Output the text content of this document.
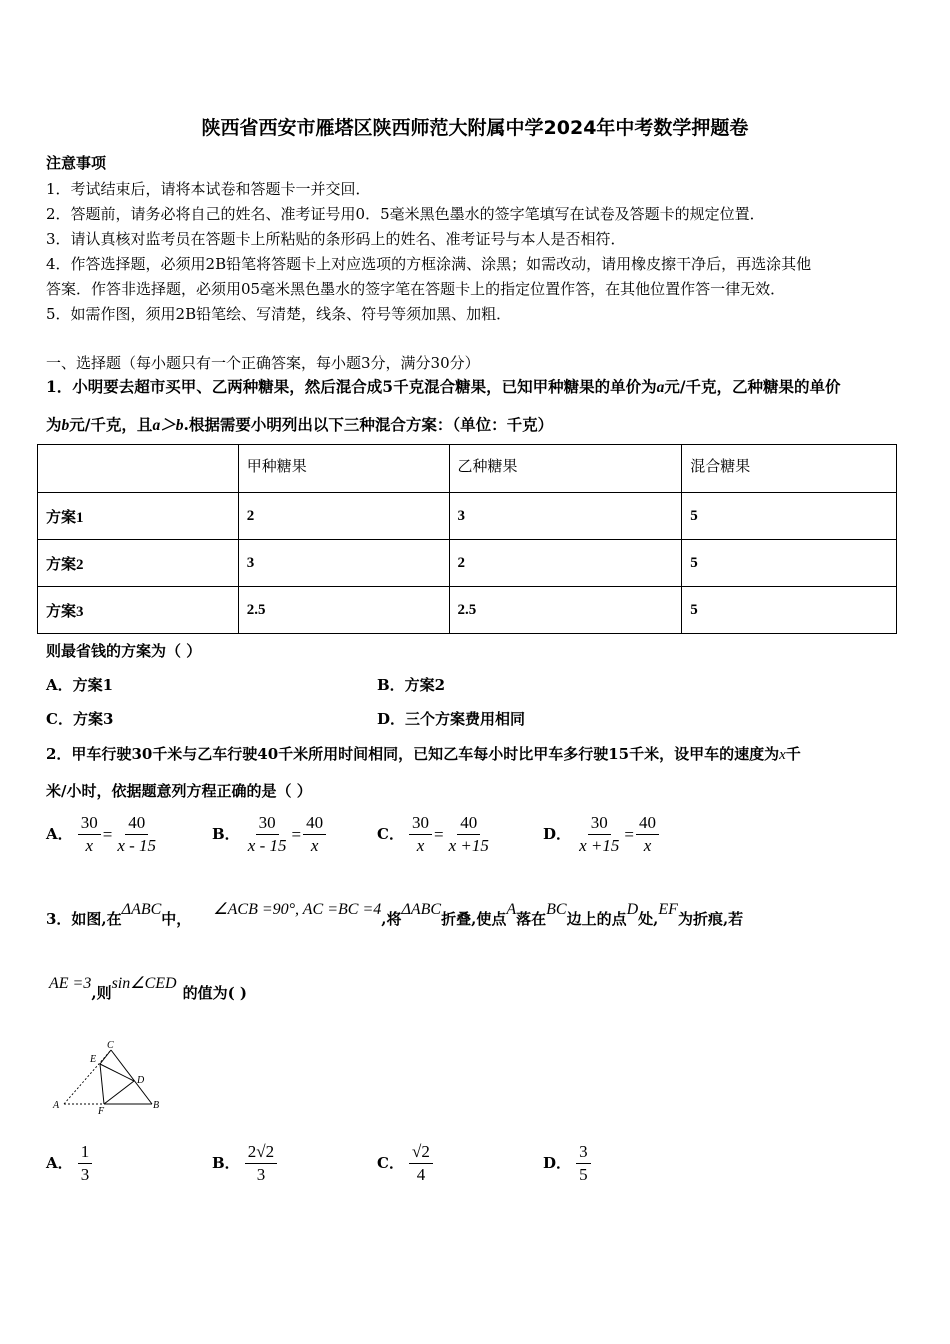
陕西省西安市雁塔区陕西师范大附属中学2024年中考数学押题卷
注意事项
1．考试结束后，请将本试卷和答题卡一并交回．
2．答题前，请务必将自己的姓名、准考证号用0．5毫米黑色墨水的签字笔填写在试卷及答题卡的规定位置．
3．请认真核对监考员在答题卡上所粘贴的条形码上的姓名、准考证号与本人是否相符．
4．作答选择题，必须用2B铅笔将答题卡上对应选项的方框涂满、涂黑；如需改动，请用橡皮擦干净后，再选涂其他
答案．作答非选择题，必须用05毫米黑色墨水的签字笔在答题卡上的指定位置作答，在其他位置作答一律无效．
5．如需作图，须用2B铅笔绘、写清楚，线条、符号等须加黑、加粗．
一、选择题（每小题只有一个正确答案，每小题3分，满分30分）
1．小明要去超市买甲、乙两种糖果，然后混合成5千克混合糖果，已知甲种糖果的单价为a元/千克，乙种糖果的单价
为b元/千克，且a＞b.根据需要小明列出以下三种混合方案：（单位：千克）
	甲种糖果	乙种糖果	混合糖果
方案1	2	3	5
方案2	3	2	5
方案3	2.5	2.5	5
则最省钱的方案为（ ）
A．方案1	B．方案2
C．方案3	D．三个方案费用相同
2．甲车行驶30千米与乙车行驶40千米所用时间相同，已知乙车每小时比甲车多行驶15千米，设甲车的速度为x千
米/小时，依据题意列方程正确的是（ ）
A． $\frac{30}{x} = \frac{40}{x - 15}$	B． $\frac{30}{x - 15} = \frac{40}{x}$	C． $\frac{30}{x} = \frac{40}{x +15}$	D． $\frac{30}{x +15} = \frac{40}{x}$
3．如图,在ΔABC中，∠ACB =90°, AC =BC =4,将ΔABC折叠,使点A落在BC边上的点D处,EF为折痕,若
AE =3,则sin∠CED的值为( )
C
E
D
A
F
B
A． $\frac{1}{3}$	B． $\frac{2√2}{3}$	C． $\frac{√2}{4}$	D． $\frac{3}{5}$
